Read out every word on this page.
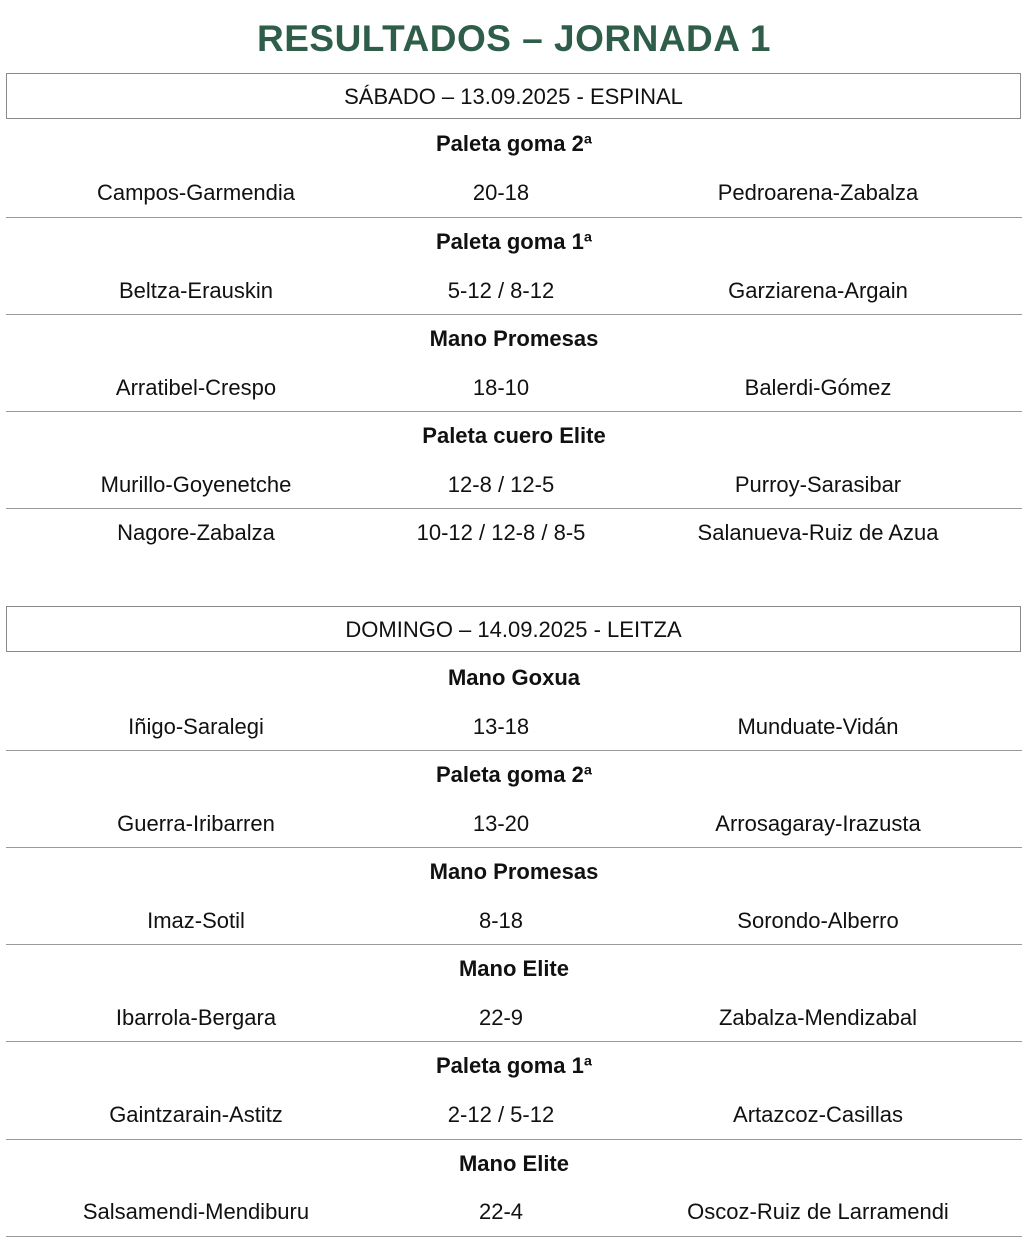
RESULTADOS – JORNADA 1
SÁBADO – 13.09.2025 - ESPINAL
Paleta goma 2ª
Campos-Garmendia	20-18	Pedroarena-Zabalza
Paleta goma 1ª
Beltza-Erauskin	5-12 / 8-12	Garziarena-Argain
Mano Promesas
Arratibel-Crespo	18-10	Balerdi-Gómez
Paleta cuero Elite
Murillo-Goyenetche	12-8 / 12-5	Purroy-Sarasibar
Nagore-Zabalza	10-12 / 12-8 / 8-5	Salanueva-Ruiz de Azua
DOMINGO – 14.09.2025 - LEITZA
Mano Goxua
Iñigo-Saralegi	13-18	Munduate-Vidán
Paleta goma 2ª
Guerra-Iribarren	13-20	Arrosagaray-Irazusta
Mano Promesas
Imaz-Sotil	8-18	Sorondo-Alberro
Mano Elite
Ibarrola-Bergara	22-9	Zabalza-Mendizabal
Paleta goma 1ª
Gaintzarain-Astitz	2-12 / 5-12	Artazcoz-Casillas
Mano Elite
Salsamendi-Mendiburu	22-4	Oscoz-Ruiz de Larramendi
